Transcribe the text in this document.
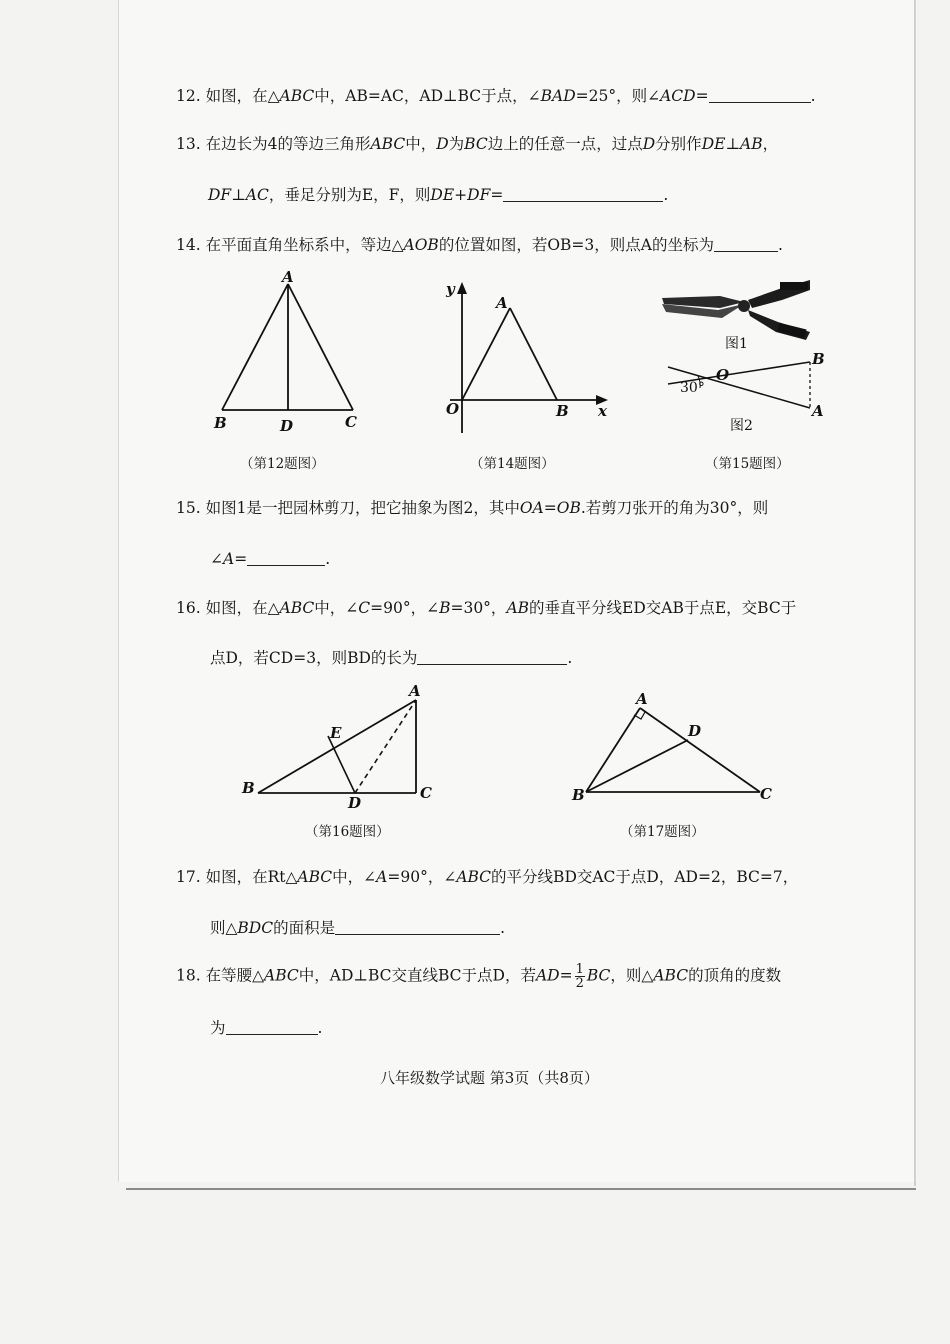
12. 如图，在△ABC中，AB=AC，AD⊥BC于点，∠BAD=25°，则∠ACD=	.
13. 在边长为4的等边三角形ABC中，D为BC边上的任意一点，过点D分别作DE⊥AB，
DF⊥AC，垂足分别为E，F，则DE+DF=	.
14. 在平面直角坐标系中，等边△AOB的位置如图，若OB=3，则点A的坐标为	.
A
B	D	C
（第12题图）
y
A
O	B x
（第14题图）
图1
30°
O
B
A
图2
（第15题图）
15. 如图1是一把园林剪刀，把它抽象为图2，其中OA=OB.若剪刀张开的角为30°，则
∠A=	.
16. 如图，在△ABC中，∠C=90°，∠B=30°，AB的垂直平分线ED交AB于点E，交BC于
点D，若CD=3，则BD的长为	.
A
E
B
D
C
（第16题图）
A
D
B	C
（第17题图）
17. 如图，在Rt△ABC中，∠A=90°，∠ABC的平分线BD交AC于点D，AD=2，BC=7，
则△BDC的面积是	.
18. 在等腰△ABC中，AD⊥BC交直线BC于点D，若$AD= \frac{1}{2}$ BC，则△ABC的顶角的度数
为	.
八年级数学试题 第3页（共8页）
